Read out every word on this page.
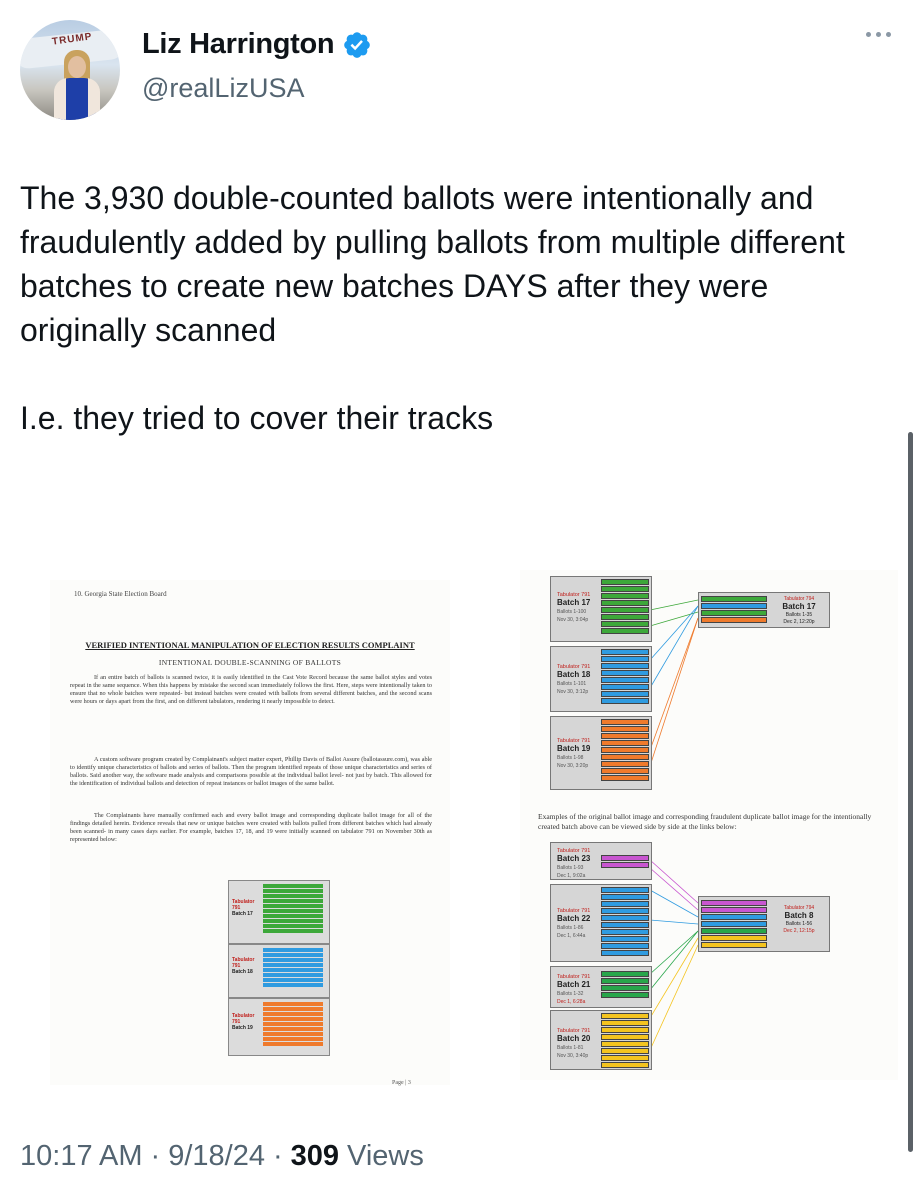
TRUMP Liz Harrington
@realLizUSA

The 3,930 double-counted ballots were intentionally and fraudulently added by pulling ballots from multiple different batches to create new batches DAYS after they were originally scanned

I.e. they tried to cover their tracks

10. Georgia State Election Board
VERIFIED INTENTIONAL MANIPULATION OF ELECTION RESULTS COMPLAINT
INTENTIONAL DOUBLE-SCANNING OF BALLOTS
If an entire batch of ballots is scanned twice, it is easily identified in the Cast Vote Record because the same ballot styles and votes repeat in the same sequence. When this happens by mistake the second scan immediately follows the first. Here, steps were intentionally taken to ensure that no whole batches were repeated- but instead batches were created with ballots from several different batches, and the second scans were hours or days apart from the first, and on different tabulators, rendering it nearly impossible to detect.
A custom software program created by Complainant's subject matter expert, Phillip Davis of Ballot Assure (ballotassure.com), was able to identify unique characteristics of ballots and series of ballots. Then the program identified repeats of those unique characteristics and series of ballots. Said another way, the software made analysis and comparisons possible at the individual ballot level- not just by batch. This allowed for the identification of individual ballots and detection of repeat instances or ballot images of the same ballot.
The Complainants have manually confirmed each and every ballot image and corresponding duplicate ballot image for all of the findings detailed herein. Evidence reveals that new or unique batches were created with ballots pulled from different batches which had already been scanned- in many cases days earlier. For example, batches 17, 18, and 19 were initially scanned on tabulator 791 on November 30th as represented below:
Tabulator 791
Batch 17
Tabulator 791
Batch 18
Tabulator 791
Batch 19
Page | 3
Tabulator 791
Batch 17
Ballots 1-100
Nov 30, 3:04p
Tabulator 791
Batch 18
Ballots 1-101
Nov 30, 3:12p
Tabulator 791
Batch 19
Ballots 1-98
Nov 30, 3:20p
Tabulator 794
Batch 17
Ballots 1-35
Dec 2, 12:20p
Examples of the original ballot image and corresponding fraudulent duplicate ballot image for the intentionally created batch above can be viewed side by side at the links below:
Tabulator 791
Batch 23
Ballots 1-93
Dec 1, 9:02a
Tabulator 791
Batch 22
Ballots 1-86
Dec 1, 6:44a
Tabulator 791
Batch 21
Ballots 1-32
Dec 1, 6:28a
Tabulator 791
Batch 20
Ballots 1-81
Nov 30, 3:40p
Tabulator 794
Batch 8
Ballots 1-56
Dec 2, 12:15p
10:17 AM · 9/18/24 · 309 Views
